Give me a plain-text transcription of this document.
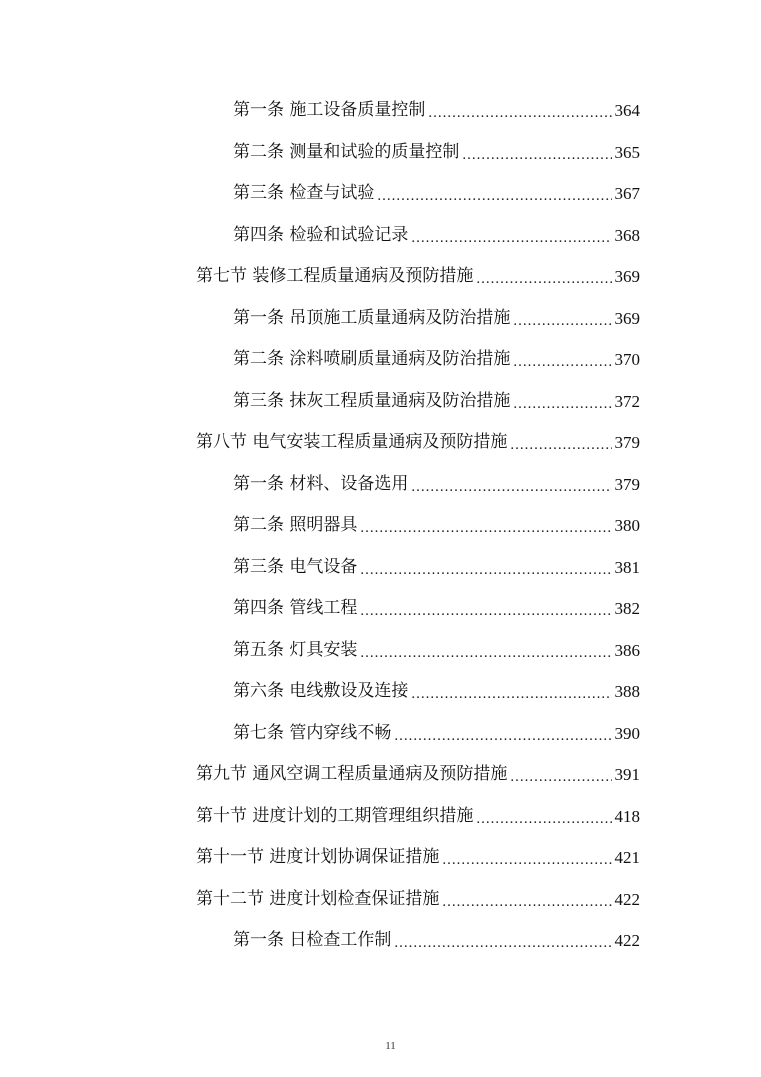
第一条 施工设备质量控制 .....	364
第二条 测量和试验的质量控制 .....	365
第三条 检查与试验 .....	367
第四条 检验和试验记录 .....	368
第七节 装修工程质量通病及预防措施 .....	369
第一条 吊顶施工质量通病及防治措施 .....	369
第二条 涂料喷刷质量通病及防治措施 .....	370
第三条 抹灰工程质量通病及防治措施 .....	372
第八节 电气安装工程质量通病及预防措施 .....	379
第一条 材料、设备选用 .....	379
第二条 照明器具 .....	380
第三条 电气设备 .....	381
第四条 管线工程 .....	382
第五条 灯具安装 .....	386
第六条 电线敷设及连接 .....	388
第七条 管内穿线不畅 .....	390
第九节 通风空调工程质量通病及预防措施 .....	391
第十节 进度计划的工期管理组织措施 .....	418
第十一节 进度计划协调保证措施 .....	421
第十二节 进度计划检查保证措施 .....	422
第一条 日检查工作制 .....	422
11
